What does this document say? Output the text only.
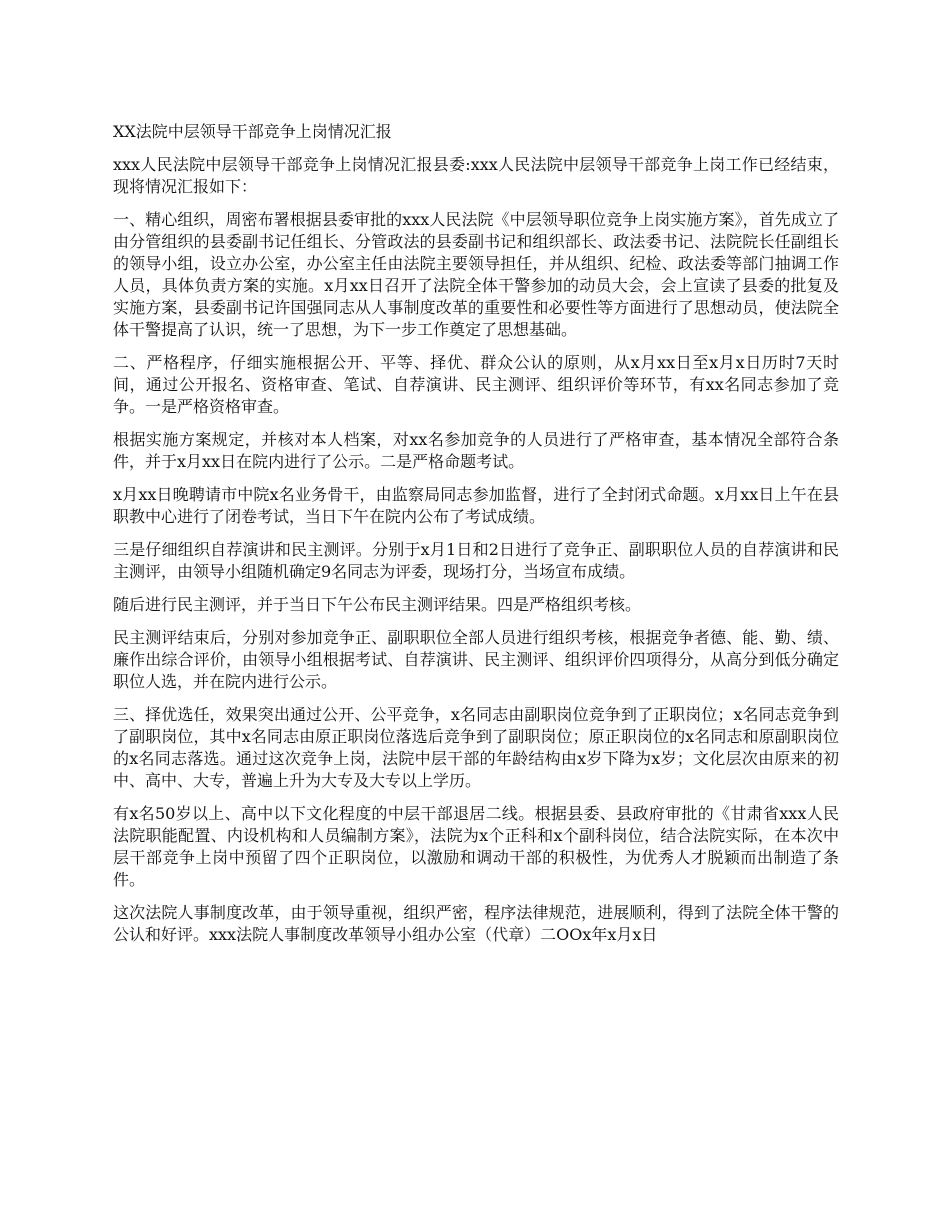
XX法院中层领导干部竞争上岗情况汇报

xxx人民法院中层领导干部竞争上岗情况汇报县委:xxx人民法院中层领导干部竞争上岗工作已经结束，现将情况汇报如下：

一、精心组织，周密布署根据县委审批的xxx人民法院《中层领导职位竞争上岗实施方案》，首先成立了由分管组织的县委副书记任组长、分管政法的县委副书记和组织部长、政法委书记、法院院长任副组长的领导小组，设立办公室，办公室主任由法院主要领导担任，并从组织、纪检、政法委等部门抽调工作人员，具体负责方案的实施。x月xx日召开了法院全体干警参加的动员大会，会上宣读了县委的批复及实施方案，县委副书记许国强同志从人事制度改革的重要性和必要性等方面进行了思想动员，使法院全体干警提高了认识，统一了思想，为下一步工作奠定了思想基础。

二、严格程序，仔细实施根据公开、平等、择优、群众公认的原则，从x月xx日至x月x日历时7天时间，通过公开报名、资格审查、笔试、自荐演讲、民主测评、组织评价等环节，有xx名同志参加了竞争。一是严格资格审查。

根据实施方案规定，并核对本人档案，对xx名参加竞争的人员进行了严格审查，基本情况全部符合条件，并于x月xx日在院内进行了公示。二是严格命题考试。

x月xx日晚聘请市中院x名业务骨干，由监察局同志参加监督，进行了全封闭式命题。x月xx日上午在县职教中心进行了闭卷考试，当日下午在院内公布了考试成绩。

三是仔细组织自荐演讲和民主测评。分别于x月1日和2日进行了竞争正、副职职位人员的自荐演讲和民主测评，由领导小组随机确定9名同志为评委，现场打分，当场宣布成绩。

随后进行民主测评，并于当日下午公布民主测评结果。四是严格组织考核。

民主测评结束后，分别对参加竞争正、副职职位全部人员进行组织考核，根据竞争者德、能、勤、绩、廉作出综合评价，由领导小组根据考试、自荐演讲、民主测评、组织评价四项得分，从高分到低分确定职位人选，并在院内进行公示。

三、择优选任，效果突出通过公开、公平竞争，x名同志由副职岗位竞争到了正职岗位；x名同志竞争到了副职岗位，其中x名同志由原正职岗位落选后竞争到了副职岗位；原正职岗位的x名同志和原副职岗位的x名同志落选。通过这次竞争上岗，法院中层干部的年龄结构由x岁下降为x岁；文化层次由原来的初中、高中、大专，普遍上升为大专及大专以上学历。

有x名50岁以上、高中以下文化程度的中层干部退居二线。根据县委、县政府审批的《甘肃省xxx人民法院职能配置、内设机构和人员编制方案》，法院为x个正科和x个副科岗位，结合法院实际，在本次中层干部竞争上岗中预留了四个正职岗位，以激励和调动干部的积极性，为优秀人才脱颖而出制造了条件。

这次法院人事制度改革，由于领导重视，组织严密，程序法律规范，进展顺利，得到了法院全体干警的公认和好评。xxx法院人事制度改革领导小组办公室（代章）二OOx年x月x日
